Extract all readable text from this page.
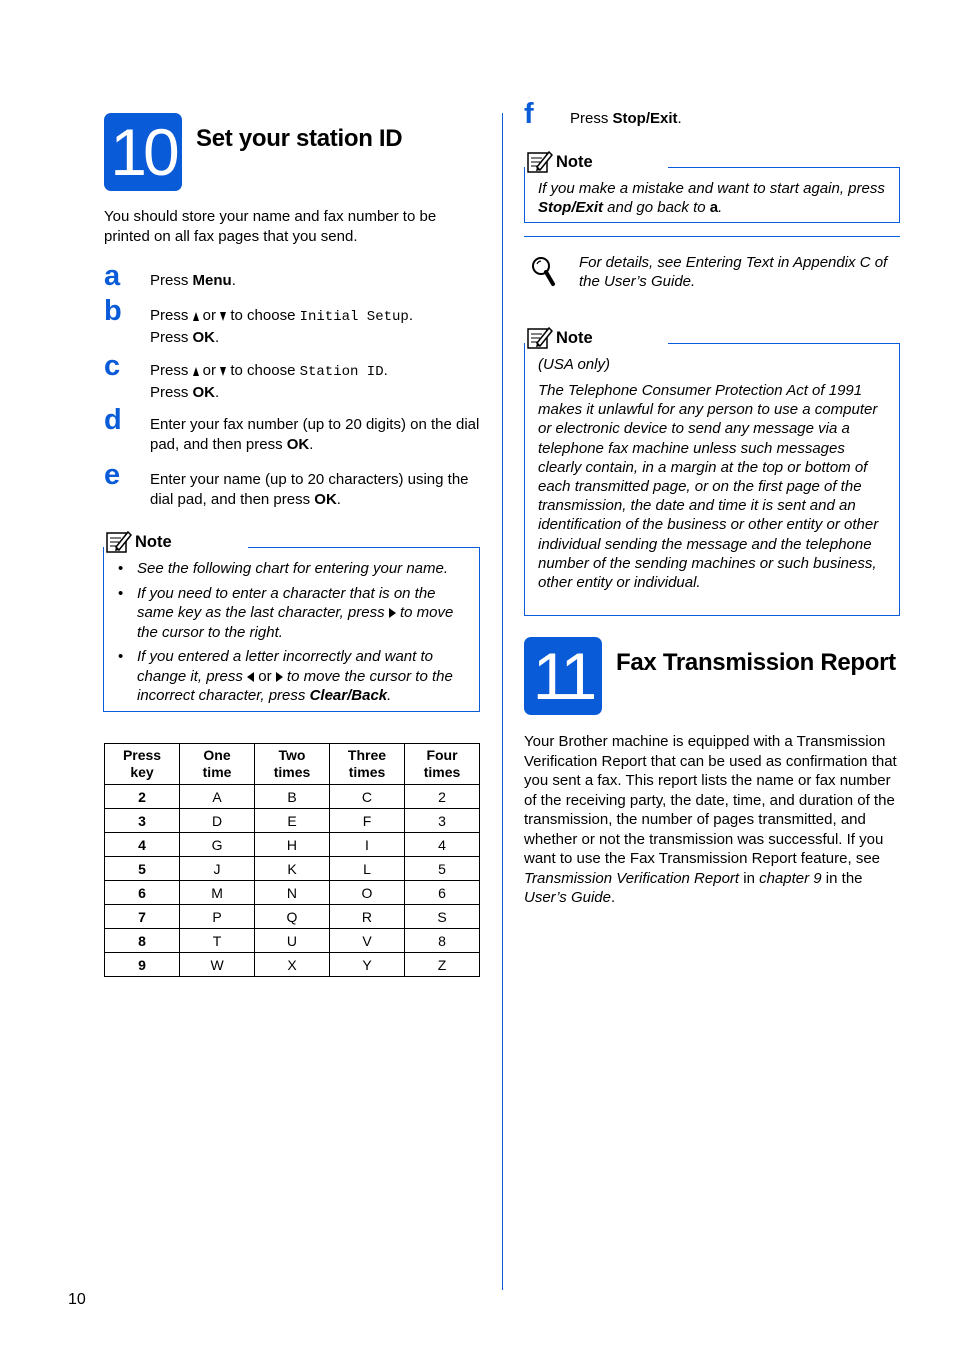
10 Set your station ID
You should store your name and fax number to be printed on all fax pages that you send.
a Press Menu.
b Press  or  to choose Initial Setup.
Press OK.
c Press  or  to choose Station ID.
Press OK.
d Enter your fax number (up to 20 digits) on the dial pad, and then press OK.
e Enter your name (up to 20 characters) using the dial pad, and then press OK.
Note
• See the following chart for entering your name.
• If you need to enter a character that is on the same key as the last character, press  to move the cursor to the right.
• If you entered a letter incorrectly and want to change it, press  or  to move the cursor to the incorrect character, press Clear/Back.
Press key	One time	Two times	Three times	Four times
2	A	B	C	2
3	D	E	F	3
4	G	H	I	4
5	J	K	L	5
6	M	N	O	6
7	P	Q	R	S
8	T	U	V	8
9	W	X	Y	Z
f Press Stop/Exit.
Note
If you make a mistake and want to start again, press Stop/Exit and go back to a.
For details, see Entering Text in Appendix C of the User’s Guide.
Note
(USA only)
The Telephone Consumer Protection Act of 1991 makes it unlawful for any person to use a computer or electronic device to send any message via a telephone fax machine unless such messages clearly contain, in a margin at the top or bottom of each transmitted page, or on the first page of the transmission, the date and time it is sent and an identification of the business or other entity or other individual sending the message and the telephone number of the sending machines or such business, other entity or individual.
11 Fax Transmission Report
Your Brother machine is equipped with a Transmission Verification Report that can be used as confirmation that you sent a fax. This report lists the name or fax number of the receiving party, the date, time, and duration of the transmission, the number of pages transmitted, and whether or not the transmission was successful. If you want to use the Fax Transmission Report feature, see Transmission Verification Report in chapter 9 in the User’s Guide.
10
